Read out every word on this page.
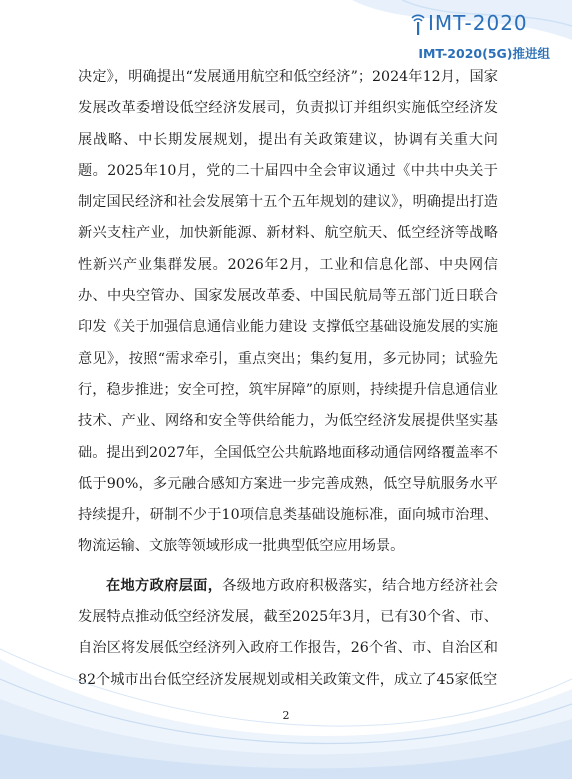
IMT-2020
IMT-2020(5G)推进组

决定》，明确提出“发展通用航空和低空经济”；2024年12月，国家发展改革委增设低空经济发展司，负责拟订并组织实施低空经济发展战略、中长期发展规划，提出有关政策建议，协调有关重大问题。2025年10月，党的二十届四中全会审议通过《中共中央关于制定国民经济和社会发展第十五个五年规划的建议》，明确提出打造新兴支柱产业，加快新能源、新材料、航空航天、低空经济等战略性新兴产业集群发展。2026年2月，工业和信息化部、中央网信办、中央空管办、国家发展改革委、中国民航局等五部门近日联合印发《关于加强信息通信业能力建设 支撑低空基础设施发展的实施意见》，按照“需求牵引，重点突出；集约复用，多元协同；试验先行，稳步推进；安全可控，筑牢屏障”的原则，持续提升信息通信业技术、产业、网络和安全等供给能力，为低空经济发展提供坚实基础。提出到2027年，全国低空公共航路地面移动通信网络覆盖率不低于90%，多元融合感知方案进一步完善成熟，低空导航服务水平持续提升，研制不少于10项信息类基础设施标准，面向城市治理、物流运输、文旅等领域形成一批典型低空应用场景。

在地方政府层面，各级地方政府积极落实，结合地方经济社会发展特点推动低空经济发展，截至2025年3月，已有30个省、市、自治区将发展低空经济列入政府工作报告，26个省、市、自治区和82个城市出台低空经济发展规划或相关政策文件，成立了45家低空

2
